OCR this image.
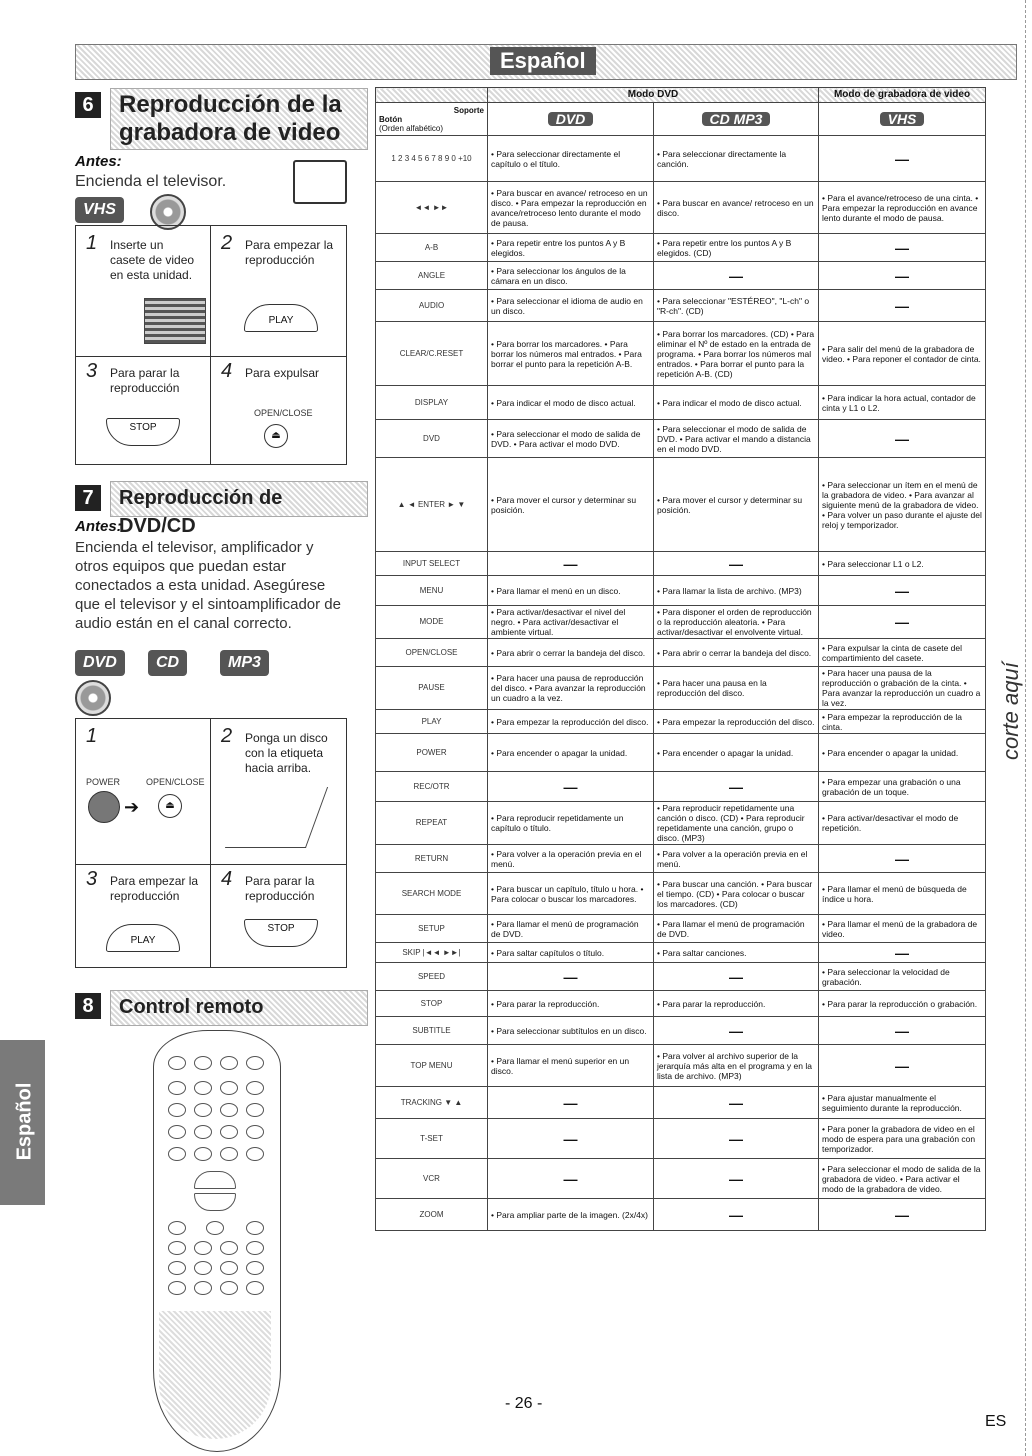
Español
6	Reproducción de la
grabadora de video
Antes:
Encienda el televisor.
VHS
1 Inserte un casete de video en esta unidad.
2 Para empezar la reproducción
PLAY
3 Para parar la reproducción
STOP
4 Para expulsar
OPEN/CLOSE
⏏
7	Reproducción de DVD/CD
Antes:
Encienda el televisor, amplificador y otros equipos que puedan estar conectados a esta unidad. Asegúrese que el televisor y el sintoamplificador de audio están en el canal correcto.
DVD	CD	MP3
1
POWER	OPEN/CLOSE
➔	⏏
2 Ponga un disco con la etiqueta hacia arriba.
3 Para empezar la reproducción
PLAY
4 Para parar la reproducción
STOP
8	Control remoto
Español
corte aquí
	Modo DVD		Modo de grabadora de video

Soporte
Botón
(Orden alfabético)	DVD	CD MP3	VHS
1 2 3 4 5 6 7 8 9 0 +10	• Para seleccionar directamente el capítulo o el título.	• Para seleccionar directamente la canción.	—
◄◄ ►►	• Para buscar en avance/ retroceso en un disco. • Para empezar la reproducción en avance/retroceso lento durante el modo de pausa.	• Para buscar en avance/ retroceso en un disco.	• Para el avance/retroceso de una cinta. • Para empezar la reproducción en avance lento durante el modo de pausa.
A-B	• Para repetir entre los puntos A y B elegidos.	• Para repetir entre los puntos A y B elegidos. (CD)	—
ANGLE	• Para seleccionar los ángulos de la cámara en un disco.	—	—
AUDIO	• Para seleccionar el idioma de audio en un disco.	• Para seleccionar "ESTÉREO", "L-ch" o "R-ch". (CD)	—
CLEAR/C.RESET	• Para borrar los marcadores. • Para borrar los números mal entrados. • Para borrar el punto para la repetición A-B.	• Para borrar los marcadores. (CD) • Para eliminar el Nº de estado en la entrada de programa. • Para borrar los números mal entrados. • Para borrar el punto para la repetición A-B. (CD)	• Para salir del menú de la grabadora de video. • Para reponer el contador de cinta.
DISPLAY	• Para indicar el modo de disco actual.	• Para indicar el modo de disco actual.	• Para indicar la hora actual, contador de cinta y L1 o L2.
DVD	• Para seleccionar el modo de salida de DVD. • Para activar el modo DVD.	• Para seleccionar el modo de salida de DVD. • Para activar el mando a distancia en el modo DVD.	—
▲ ◄ ENTER ► ▼	• Para mover el cursor y determinar su posición.	• Para mover el cursor y determinar su posición.	• Para seleccionar un ítem en el menú de la grabadora de video. • Para avanzar al siguiente menú de la grabadora de video. • Para volver un paso durante el ajuste del reloj y temporizador.
INPUT SELECT	—	—	• Para seleccionar L1 o L2.
MENU	• Para llamar el menú en un disco.	• Para llamar la lista de archivo. (MP3)	—
MODE	• Para activar/desactivar el nivel del negro. • Para activar/desactivar el ambiente virtual.	• Para disponer el orden de reproducción o la reproducción aleatoria. • Para activar/desactivar el envolvente virtual.	—
OPEN/CLOSE	• Para abrir o cerrar la bandeja del disco.	• Para abrir o cerrar la bandeja del disco.	• Para expulsar la cinta de casete del compartimiento del casete.
PAUSE	• Para hacer una pausa de reproducción del disco. • Para avanzar la reproducción un cuadro a la vez.	• Para hacer una pausa en la reproducción del disco.	• Para hacer una pausa de la reproducción o grabación de la cinta. • Para avanzar la reproducción un cuadro a la vez.
PLAY	• Para empezar la reproducción del disco.	• Para empezar la reproducción del disco.	• Para empezar la reproducción de la cinta.
POWER	• Para encender o apagar la unidad.	• Para encender o apagar la unidad.	• Para encender o apagar la unidad.
REC/OTR	—	—	• Para empezar una grabación o una grabación de un toque.
REPEAT	• Para reproducir repetidamente un capítulo o título.	• Para reproducir repetidamente una canción o disco. (CD) • Para reproducir repetidamente una canción, grupo o disco. (MP3)	• Para activar/desactivar el modo de repetición.
RETURN	• Para volver a la operación previa en el menú.	• Para volver a la operación previa en el menú.	—
SEARCH MODE	• Para buscar un capítulo, título u hora. • Para colocar o buscar los marcadores.	• Para buscar una canción. • Para buscar el tiempo. (CD) • Para colocar o buscar los marcadores. (CD)	• Para llamar el menú de búsqueda de índice u hora.
SETUP	• Para llamar el menú de programación de DVD.	• Para llamar el menú de programación de DVD.	• Para llamar el menú de la grabadora de video.
SKIP |◄◄ ►►|	• Para saltar capítulos o título.	• Para saltar canciones.	—
SPEED	—	—	• Para seleccionar la velocidad de grabación.
STOP	• Para parar la reproducción.	• Para parar la reproducción.	• Para parar la reproducción o grabación.
SUBTITLE	• Para seleccionar subtítulos en un disco.	—	—
TOP MENU	• Para llamar el menú superior en un disco.	• Para volver al archivo superior de la jerarquía más alta en el programa y en la lista de archivo. (MP3)	—
TRACKING ▼ ▲	—	—	• Para ajustar manualmente el seguimiento durante la reproducción.
T-SET	—	—	• Para poner la grabadora de video en el modo de espera para una grabación con temporizador.
VCR	—	—	• Para seleccionar el modo de salida de la grabadora de video. • Para activar el modo de la grabadora de video.
ZOOM	• Para ampliar parte de la imagen. (2x/4x)	—	—
- 26 -
ES
